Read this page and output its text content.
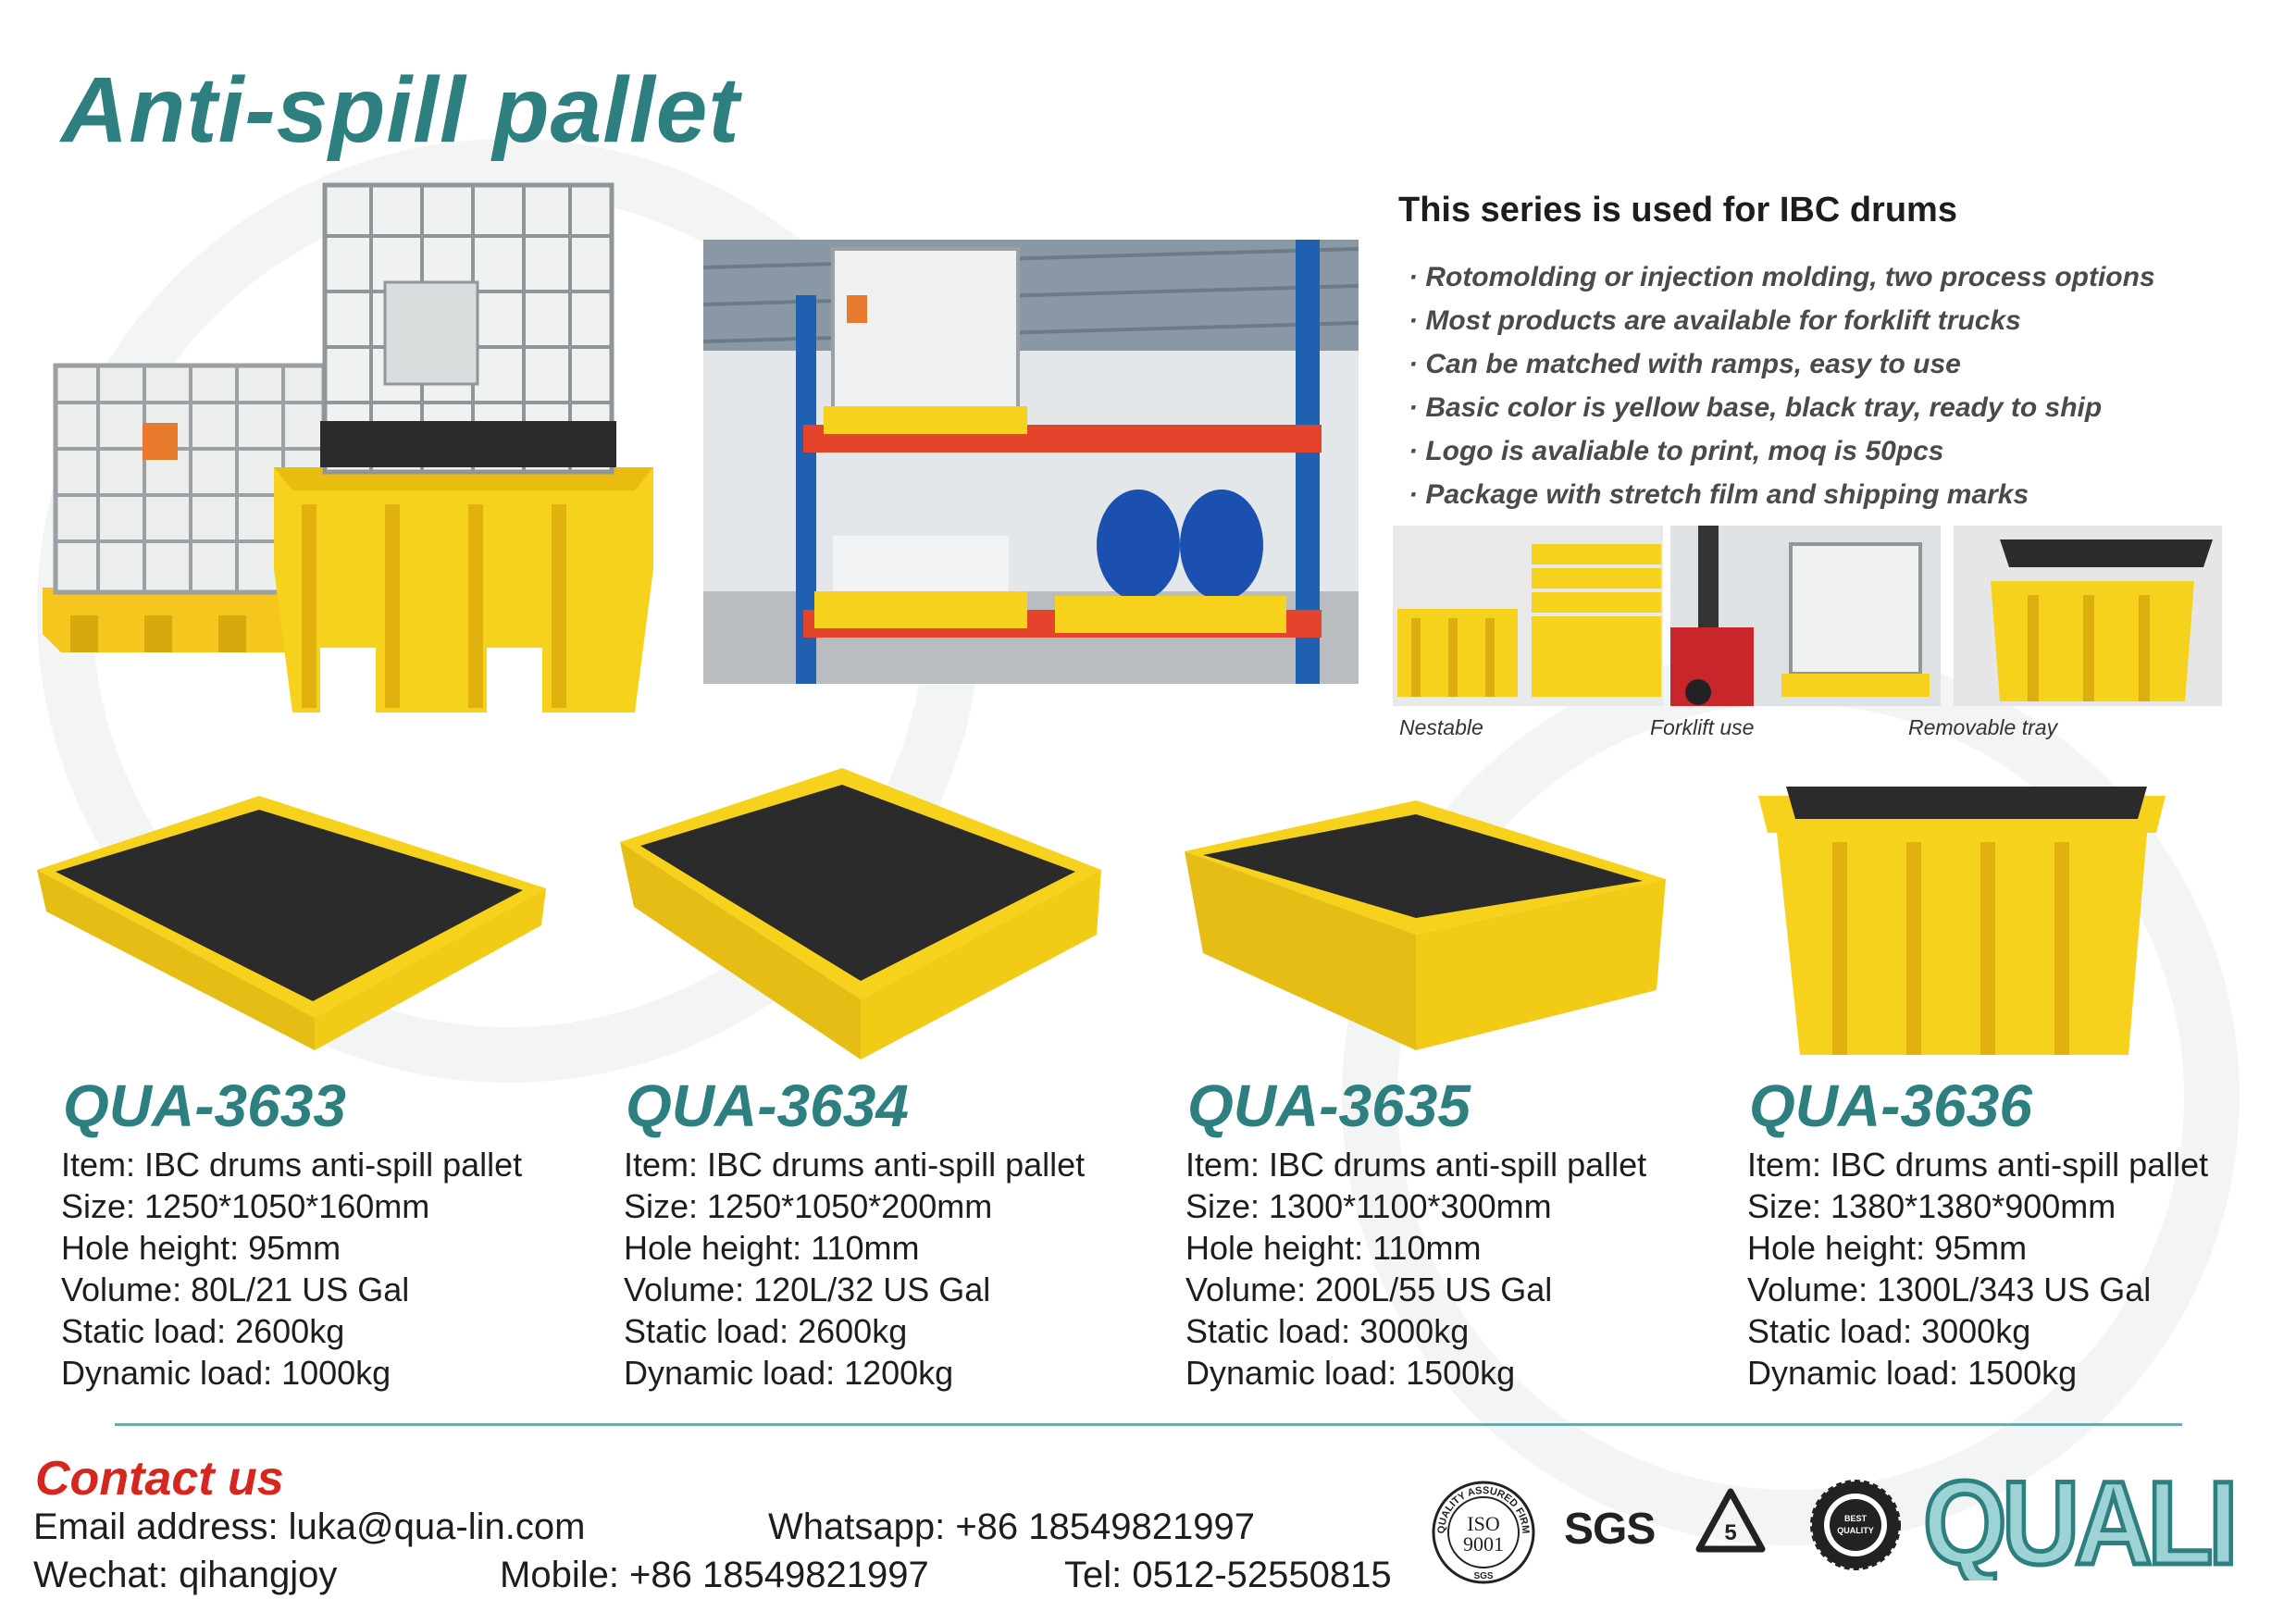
Anti-spill pallet
This series is used for IBC drums
· Rotomolding or injection molding, two process options
· Most products are available for forklift trucks
· Can be matched with ramps, easy to use
· Basic color is yellow base, black tray, ready to ship
· Logo is avaliable to print, moq is 50pcs
· Package with stretch film and shipping marks
Nestable	Forklift use	Removable tray
QUA-3633
Item: IBC drums anti-spill pallet
Size: 1250*1050*160mm
Hole height: 95mm
Volume: 80L/21 US Gal
Static load: 2600kg
Dynamic load: 1000kg
QUA-3634
Item: IBC drums anti-spill pallet
Size: 1250*1050*200mm
Hole height: 110mm
Volume: 120L/32 US Gal
Static load: 2600kg
Dynamic load: 1200kg
QUA-3635
Item: IBC drums anti-spill pallet
Size: 1300*1100*300mm
Hole height: 110mm
Volume: 200L/55 US Gal
Static load: 3000kg
Dynamic load: 1500kg
QUA-3636
Item: IBC drums anti-spill pallet
Size: 1380*1380*900mm
Hole height: 95mm
Volume: 1300L/343 US Gal
Static load: 3000kg
Dynamic load: 1500kg
Contact us
Email address: luka@qua-lin.com	Whatsapp: +86 18549821997
Wechat: qihangjoy	Mobile: +86 18549821997	Tel: 0512-52550815
QUALITY ASSURED FIRM
ISO
9001
SGS
SGS	5
BEST
QUALITY QUALI
